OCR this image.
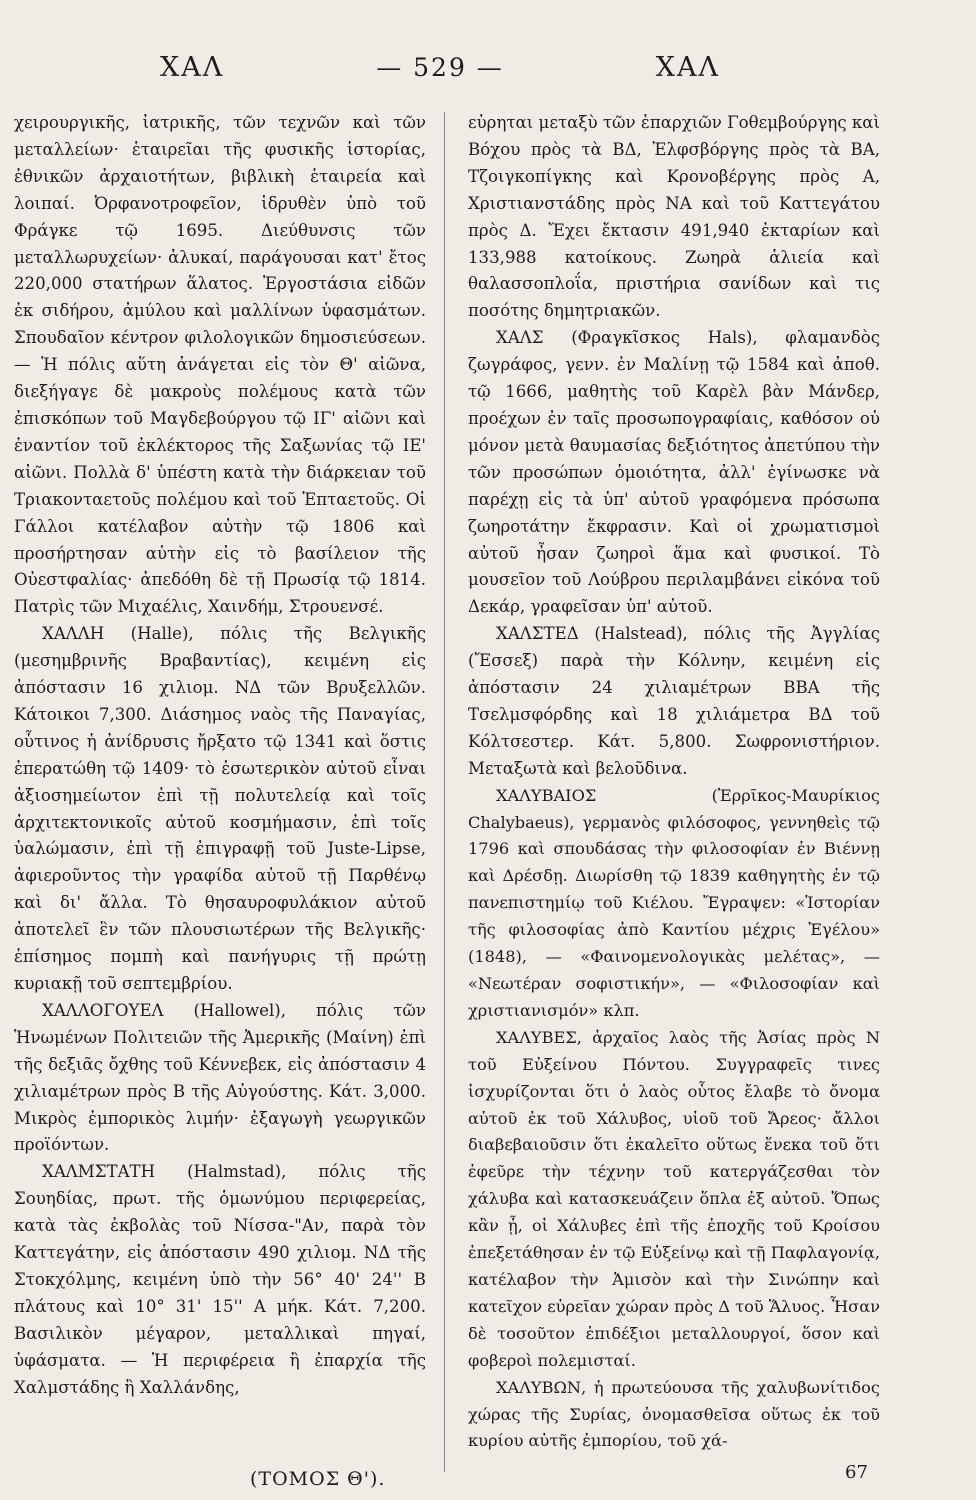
ΧΑΛ	— 529 —	ΧΑΛ

χειρουργικῆς, ἰατρικῆς, τῶν τεχνῶν καὶ τῶν μεταλλείων· ἑταιρεῖαι τῆς φυσικῆς ἱστορίας, ἐθνικῶν ἀρχαιοτήτων, βιβλικὴ ἑταιρεία καὶ λοιπαί. Ὀρφανοτροφεῖον, ἱδρυθὲν ὑπὸ τοῦ Φράγκε τῷ 1695. Διεύθυνσις τῶν μεταλλωρυχείων· ἁλυκαί, παράγουσαι κατ' ἔτος 220,000 στατήρων ἅλατος. Ἐργοστάσια εἰδῶν ἐκ σιδήρου, ἀμύλου καὶ μαλλίνων ὑφασμάτων. Σπουδαῖον κέντρον φιλολογικῶν δημοσιεύσεων. — Ἡ πόλις αὕτη ἀνάγεται εἰς τὸν Θ' αἰῶνα, διεξήγαγε δὲ μακροὺς πολέμους κατὰ τῶν ἐπισκόπων τοῦ Μαγδεβούργου τῷ ΙΓ' αἰῶνι καὶ ἐναντίον τοῦ ἐκλέκτορος τῆς Σαξωνίας τῷ ΙΕ' αἰῶνι. Πολλὰ δ' ὑπέστη κατὰ τὴν διάρκειαν τοῦ Τριακονταετοῦς πολέμου καὶ τοῦ Ἑπταετοῦς. Οἱ Γάλλοι κατέλαβον αὐτὴν τῷ 1806 καὶ προσήρτησαν αὐτὴν εἰς τὸ βασίλειον τῆς Οὐεστφαλίας· ἀπεδόθη δὲ τῇ Πρωσίᾳ τῷ 1814. Πατρὶς τῶν Μιχαέλις, Χαινδήμ, Στρουενσέ.

ΧΑΛΛΗ (Halle), πόλις τῆς Βελγικῆς (μεσημβρινῆς Βραβαντίας), κειμένη εἰς ἀπόστασιν 16 χιλιομ. ΝΔ τῶν Βρυξελλῶν. Κάτοικοι 7,300. Διάσημος ναὸς τῆς Παναγίας, οὗτινος ἡ ἀνίδρυσις ἤρξατο τῷ 1341 καὶ ὅστις ἐπερατώθη τῷ 1409· τὸ ἐσωτερικὸν αὐτοῦ εἶναι ἀξιοσημείωτον ἐπὶ τῇ πολυτελείᾳ καὶ τοῖς ἀρχιτεκτονικοῖς αὐτοῦ κοσμήμασιν, ἐπὶ τοῖς ὑαλώμασιν, ἐπὶ τῇ ἐπιγραφῇ τοῦ Juste-Lipse, ἀφιεροῦντος τὴν γραφίδα αὐτοῦ τῇ Παρθένῳ καὶ δι' ἄλλα. Τὸ θησαυροφυλάκιον αὐτοῦ ἀποτελεῖ ἓν τῶν πλουσιωτέρων τῆς Βελγικῆς· ἐπίσημος πομπὴ καὶ πανήγυρις τῇ πρώτῃ κυριακῇ τοῦ σεπτεμβρίου.

ΧΑΛΛΟΓΟΥΕΛ (Hallowel), πόλις τῶν Ἡνωμένων Πολιτειῶν τῆς Ἀμερικῆς (Μαίνη) ἐπὶ τῆς δεξιᾶς ὄχθης τοῦ Κέννεβεκ, εἰς ἀπόστασιν 4 χιλιαμέτρων πρὸς Β τῆς Αὐγούστης. Κάτ. 3,000. Μικρὸς ἐμπορικὸς λιμήν· ἐξαγωγὴ γεωργικῶν προϊόντων.

ΧΑΛΜΣΤΑΤΗ (Halmstad), πόλις τῆς Σουηδίας, πρωτ. τῆς ὁμωνύμου περιφερείας, κατὰ τὰς ἐκβολὰς τοῦ Νίσσα-"Αν, παρὰ τὸν Καττεγάτην, εἰς ἀπόστασιν 490 χιλιομ. ΝΔ τῆς Στοκχόλμης, κειμένη ὑπὸ τὴν 56° 40' 24'' Β πλάτους καὶ 10° 31' 15'' Α μήκ. Κάτ. 7,200. Βασιλικὸν μέγαρον, μεταλλικαὶ πηγαί, ὑφάσματα. — Ἡ περιφέρεια ἢ ἐπαρχία τῆς Χαλμστάδης ἢ Χαλλάνδης,

εὑρηται μεταξὺ τῶν ἐπαρχιῶν Γοθεμβούργης καὶ Βόχου πρὸς τὰ ΒΔ, Ἐλφσβόργης πρὸς τὰ ΒΑ, Τζοιγκοπίγκης καὶ Κρονοβέργης πρὸς Α, Χριστιανστάδης πρὸς ΝΑ καὶ τοῦ Καττεγάτου πρὸς Δ. Ἔχει ἔκτασιν 491,940 ἐκταρίων καὶ 133,988 κατοίκους. Ζωηρὰ ἁλιεία καὶ θαλασσοπλοΐα, πριστήρια σανίδων καὶ τις ποσότης δημητριακῶν.

ΧΑΛΣ (Φραγκῖσκος Hals), φλαμανδὸς ζωγράφος, γενν. ἐν Μαλίνῃ τῷ 1584 καὶ ἀποθ. τῷ 1666, μαθητὴς τοῦ Καρὲλ βὰν Μάνδερ, προέχων ἐν ταῖς προσωπογραφίαις, καθόσον οὐ μόνον μετὰ θαυμασίας δεξιότητος ἀπετύπου τὴν τῶν προσώπων ὁμοιότητα, ἀλλ' ἐγίνωσκε νὰ παρέχῃ εἰς τὰ ὑπ' αὐτοῦ γραφόμενα πρόσωπα ζωηροτάτην ἔκφρασιν. Καὶ οἱ χρωματισμοὶ αὐτοῦ ἦσαν ζωηροὶ ἅμα καὶ φυσικοί. Τὸ μουσεῖον τοῦ Λούβρου περιλαμβάνει εἰκόνα τοῦ Δεκάρ, γραφεῖσαν ὑπ' αὐτοῦ.

ΧΑΛΣΤΕΔ (Halstead), πόλις τῆς Ἀγγλίας (Ἔσσεξ) παρὰ τὴν Κόλνην, κειμένη εἰς ἀπόστασιν 24 χιλιαμέτρων ΒΒΑ τῆς Τσελμσφόρδης καὶ 18 χιλιάμετρα ΒΔ τοῦ Κόλτσεστερ. Κάτ. 5,800. Σωφρονιστήριον. Μεταξωτὰ καὶ βελοῦδινα.

ΧΑΛΥΒΑΙΟΣ (Ἐρρῖκος-Μαυρίκιος Chalybaeus), γερμανὸς φιλόσοφος, γεννηθεὶς τῷ 1796 καὶ σπουδάσας τὴν φιλοσοφίαν ἐν Βιέννῃ καὶ Δρέσδῃ. Διωρίσθη τῷ 1839 καθηγητὴς ἐν τῷ πανεπιστημίῳ τοῦ Κιέλου. Ἔγραψεν: «Ἱστορίαν τῆς φιλοσοφίας ἀπὸ Καντίου μέχρις Ἐγέλου» (1848), — «Φαινομενολογικὰς μελέτας», — «Νεωτέραν σοφιστικήν», — «Φιλοσοφίαν καὶ χριστιανισμόν» κλπ.

ΧΑΛΥΒΕΣ, ἀρχαῖος λαὸς τῆς Ἀσίας πρὸς Ν τοῦ Εὐξείνου Πόντου. Συγγραφεῖς τινες ἰσχυρίζονται ὅτι ὁ λαὸς οὗτος ἔλαβε τὸ ὄνομα αὐτοῦ ἐκ τοῦ Χάλυβος, υἱοῦ τοῦ Ἄρεος· ἄλλοι διαβεβαιοῦσιν ὅτι ἐκαλεῖτο οὕτως ἕνεκα τοῦ ὅτι ἐφεῦρε τὴν τέχνην τοῦ κατεργάζεσθαι τὸν χάλυβα καὶ κατασκευάζειν ὅπλα ἐξ αὐτοῦ. Ὅπως κἂν ᾖ, οἱ Χάλυβες ἐπὶ τῆς ἐποχῆς τοῦ Κροίσου ἐπεξετάθησαν ἐν τῷ Εὐξείνῳ καὶ τῇ Παφλαγονίᾳ, κατέλαβον τὴν Ἀμισὸν καὶ τὴν Σινώπην καὶ κατεῖχον εὐρεῖαν χώραν πρὸς Δ τοῦ Ἅλυος. Ἦσαν δὲ τοσοῦτον ἐπιδέξιοι μεταλλουργοί, ὅσον καὶ φοβεροὶ πολεμισταί.

ΧΑΛΥΒΩΝ, ἡ πρωτεύουσα τῆς χαλυβωνίτιδος χώρας τῆς Συρίας, ὀνομασθεῖσα οὕτως ἐκ τοῦ κυρίου αὐτῆς ἐμπορίου, τοῦ χά-

(ΤΟΜΟΣ Θ').	67
